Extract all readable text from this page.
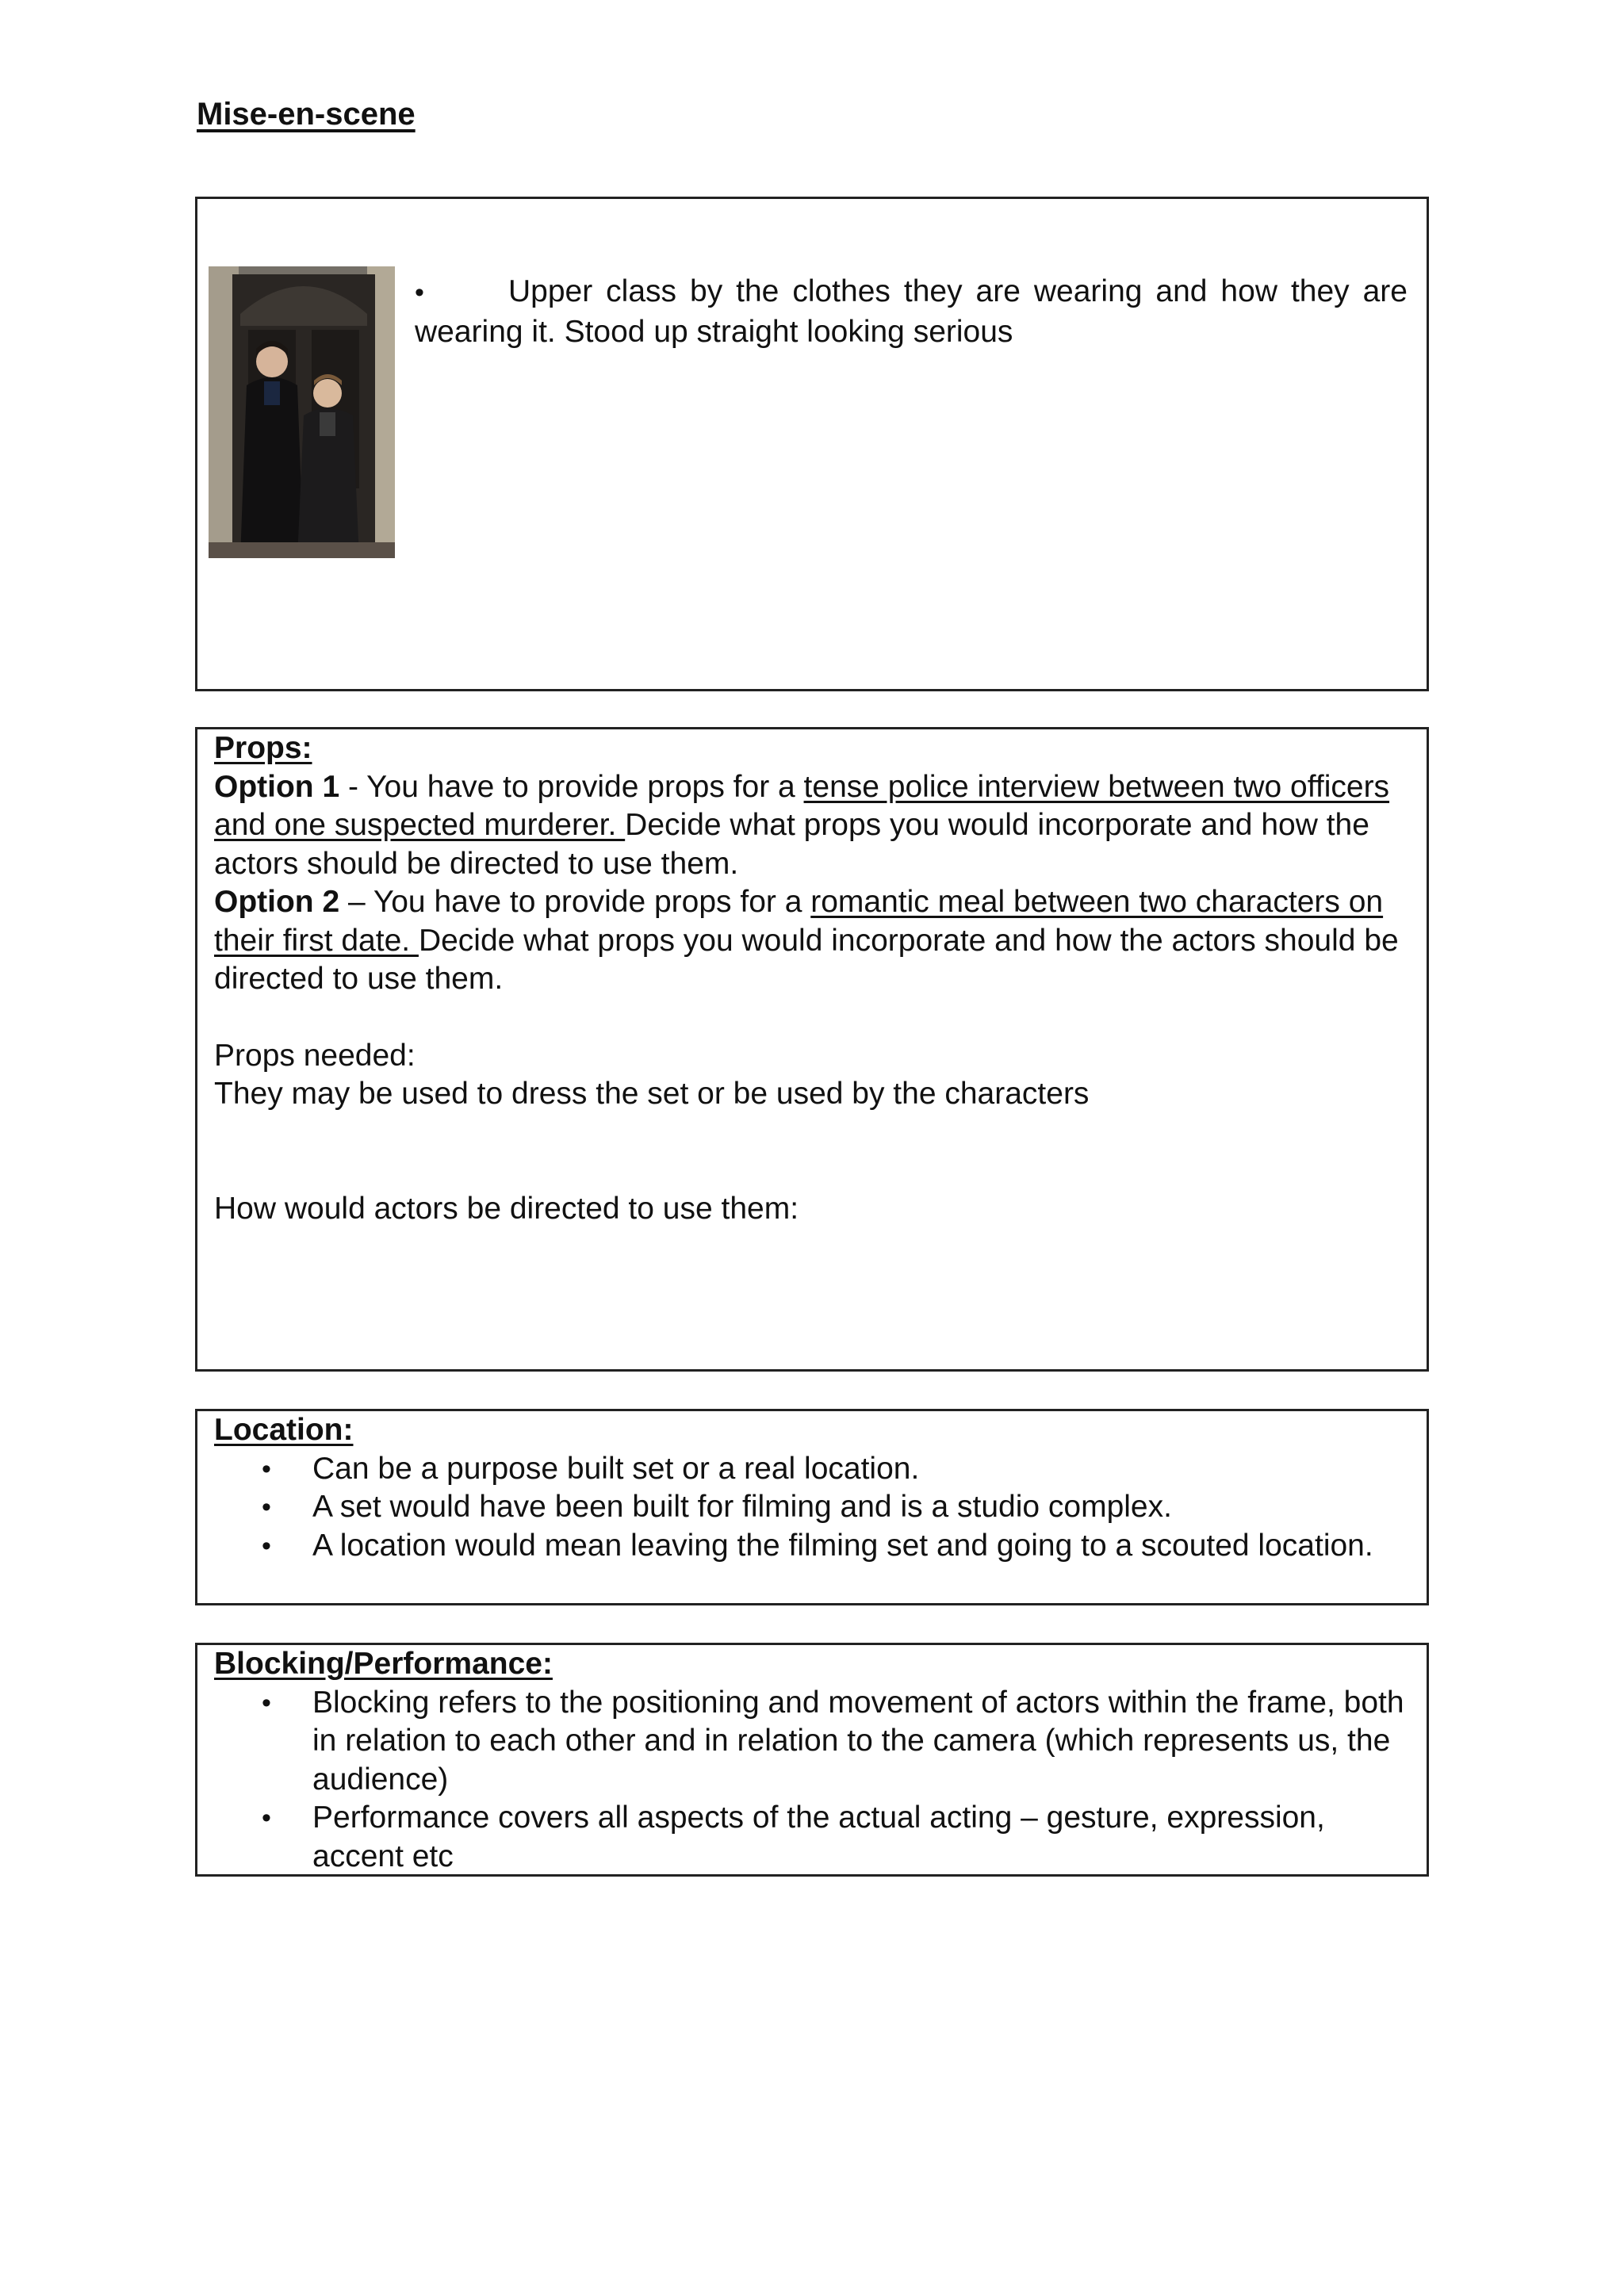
Mise-en-scene
•	Upper class by the clothes they are wearing and how they are wearing it. Stood up straight looking serious
Props:
Option 1 - You have to provide props for a tense police interview between two officers and one suspected murderer. Decide what props you would incorporate and how the actors should be directed to use them.
Option 2 – You have to provide props for a romantic meal between two characters on their first date. Decide what props you would incorporate and how the actors should be directed to use them.
Props needed:
They may be used to dress the set or be used by the characters
How would actors be directed to use them:
Location:
• Can be a purpose built set or a real location.
• A set would have been built for filming and is a studio complex.
• A location would mean leaving the filming set and going to a scouted location.
Blocking/Performance:
• Blocking refers to the positioning and movement of actors within the frame, both in relation to each other and in relation to the camera (which represents us, the audience)
• Performance covers all aspects of the actual acting – gesture, expression, accent etc
